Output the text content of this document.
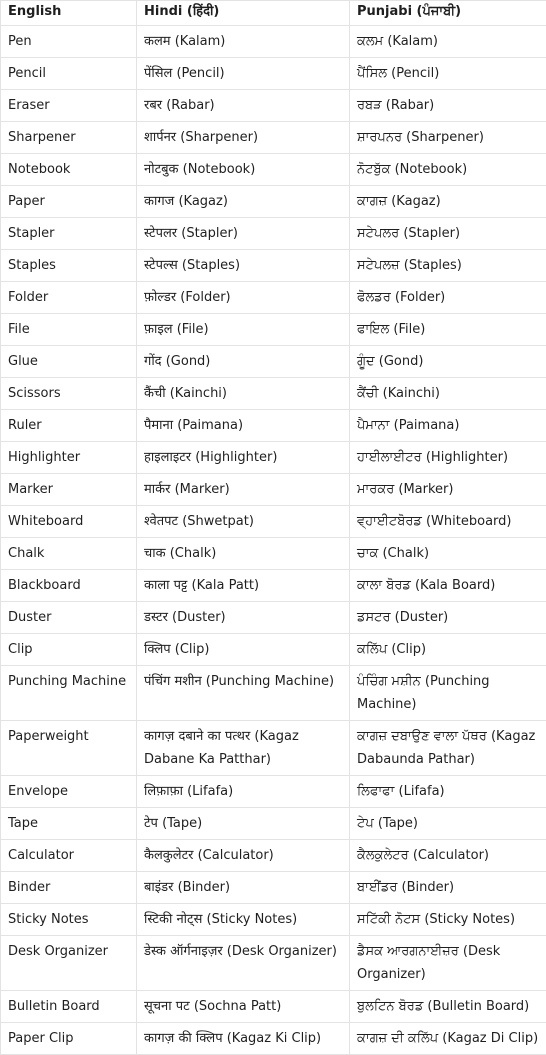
English	Hindi (हिंदी)	Punjabi (ਪੰਜਾਬੀ)
Pen	कलम (Kalam)	ਕਲਮ (Kalam)
Pencil	पेंसिल (Pencil)	ਪੈਂਸਿਲ (Pencil)
Eraser	रबर (Rabar)	ਰਬੜ (Rabar)
Sharpener	शार्पनर (Sharpener)	ਸ਼ਾਰਪਨਰ (Sharpener)
Notebook	नोटबुक (Notebook)	ਨੋਟਬੁੱਕ (Notebook)
Paper	कागज (Kagaz)	ਕਾਗਜ਼ (Kagaz)
Stapler	स्टेपलर (Stapler)	ਸਟੇਪਲਰ (Stapler)
Staples	स्टेपल्स (Staples)	ਸਟੇਪਲਜ਼ (Staples)
Folder	फ़ोल्डर (Folder)	ਫੋਲਡਰ (Folder)
File	फ़ाइल (File)	ਫਾਇਲ (File)
Glue	गोंद (Gond)	ਗੂੰਦ (Gond)
Scissors	कैंची (Kainchi)	ਕੈਂਚੀ (Kainchi)
Ruler	पैमाना (Paimana)	ਪੈਮਾਨਾ (Paimana)
Highlighter	हाइलाइटर (Highlighter)	ਹਾਈਲਾਈਟਰ (Highlighter)
Marker	मार्कर (Marker)	ਮਾਰਕਰ (Marker)
Whiteboard	श्वेतपट (Shwetpat)	ਵ੍ਹਾਈਟਬੋਰਡ (Whiteboard)
Chalk	चाक (Chalk)	ਚਾਕ (Chalk)
Blackboard	काला पट्ट (Kala Patt)	ਕਾਲਾ ਬੋਰਡ (Kala Board)
Duster	डस्टर (Duster)	ਡਸਟਰ (Duster)
Clip	क्लिप (Clip)	ਕਲਿੱਪ (Clip)
Punching Machine	पंचिंग मशीन (Punching Machine)	ਪੰਚਿੰਗ ਮਸ਼ੀਨ (Punching Machine)
Paperweight	कागज़ दबाने का पत्थर (Kagaz Dabane Ka Patthar)	ਕਾਗਜ਼ ਦਬਾਉਣ ਵਾਲਾ ਪੱਥਰ (Kagaz Dabaunda Pathar)
Envelope	लिफ़ाफ़ा (Lifafa)	ਲਿਫਾਫਾ (Lifafa)
Tape	टेप (Tape)	ਟੇਪ (Tape)
Calculator	कैलकुलेटर (Calculator)	ਕੈਲਕੁਲੇਟਰ (Calculator)
Binder	बाइंडर (Binder)	ਬਾਈਂਡਰ (Binder)
Sticky Notes	स्टिकी नोट्स (Sticky Notes)	ਸਟਿੱਕੀ ਨੋਟਸ (Sticky Notes)
Desk Organizer	डेस्क ऑर्गनाइज़र (Desk Organizer)	ਡੈਸਕ ਆਰਗਨਾਈਜ਼ਰ (Desk Organizer)
Bulletin Board	सूचना पट (Sochna Patt)	ਬੁਲਟਿਨ ਬੋਰਡ (Bulletin Board)
Paper Clip	कागज़ की क्लिप (Kagaz Ki Clip)	ਕਾਗਜ਼ ਦੀ ਕਲਿੱਪ (Kagaz Di Clip)
